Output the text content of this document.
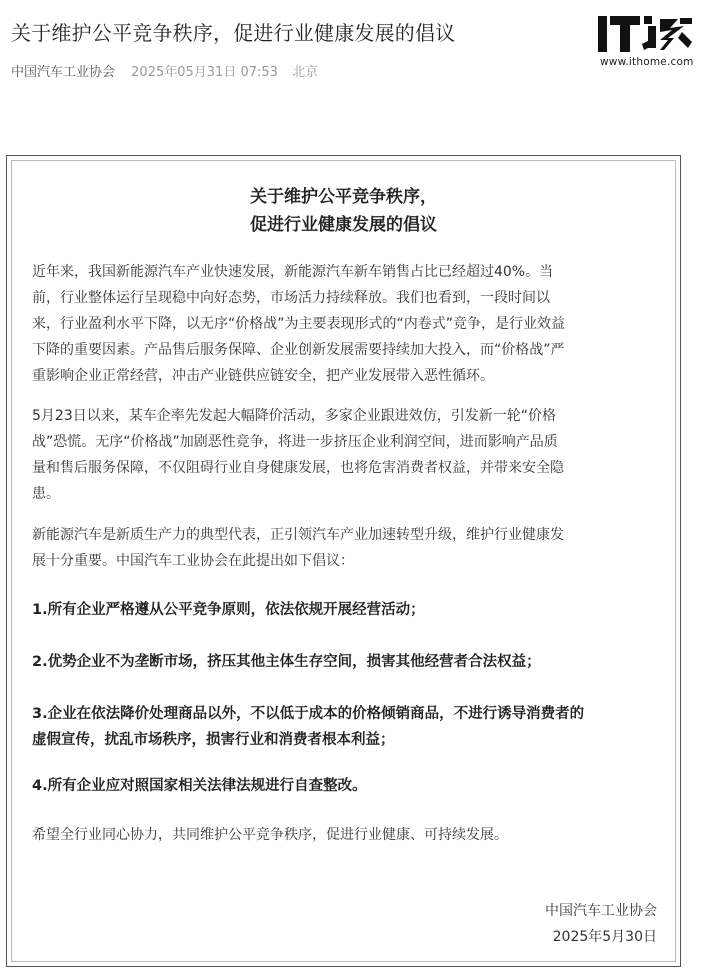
关于维护公平竞争秩序，促进行业健康发展的倡议
中国汽车工业协会 2025年05月31日 07:53 北京
www.ithome.com
关于维护公平竞争秩序，
促进行业健康发展的倡议
近年来，我国新能源汽车产业快速发展，新能源汽车新车销售占比已经超过40%。当
前，行业整体运行呈现稳中向好态势，市场活力持续释放。我们也看到，一段时间以
来，行业盈利水平下降，以无序“价格战”为主要表现形式的“内卷式”竞争，是行业效益
下降的重要因素。产品售后服务保障、企业创新发展需要持续加大投入，而“价格战”严
重影响企业正常经营，冲击产业链供应链安全，把产业发展带入恶性循环。
5月23日以来，某车企率先发起大幅降价活动，多家企业跟进效仿，引发新一轮“价格
战”恐慌。无序“价格战”加剧恶性竞争，将进一步挤压企业利润空间，进而影响产品质
量和售后服务保障，不仅阻碍行业自身健康发展，也将危害消费者权益，并带来安全隐
患。
新能源汽车是新质生产力的典型代表，正引领汽车产业加速转型升级，维护行业健康发
展十分重要。中国汽车工业协会在此提出如下倡议：
1.所有企业严格遵从公平竞争原则，依法依规开展经营活动；
2.优势企业不为垄断市场，挤压其他主体生存空间，损害其他经营者合法权益；
3.企业在依法降价处理商品以外，不以低于成本的价格倾销商品，不进行诱导消费者的
虚假宣传，扰乱市场秩序，损害行业和消费者根本利益；
4.所有企业应对照国家相关法律法规进行自查整改。
希望全行业同心协力，共同维护公平竞争秩序，促进行业健康、可持续发展。
中国汽车工业协会
2025年5月30日
